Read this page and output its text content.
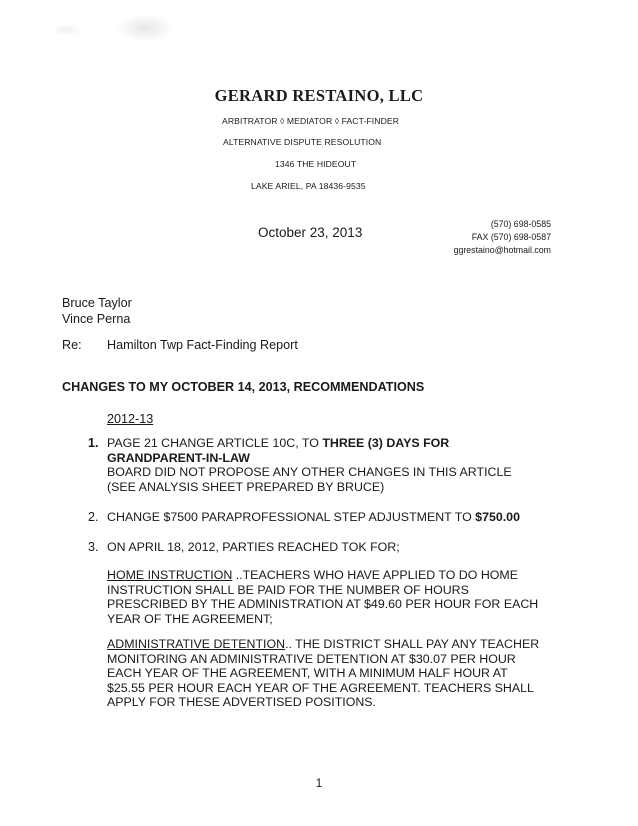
GERARD RESTAINO, LLC
ARBITRATOR ◊ MEDIATOR ◊ FACT-FINDER
ALTERNATIVE DISPUTE RESOLUTION
1346 THE HIDEOUT
LAKE ARIEL, PA 18436-9535
October 23, 2013
(570) 698-0585
FAX (570) 698-0587
ggrestaino@hotmail.com
Bruce Taylor
Vince Perna
Re: Hamilton Twp Fact-Finding Report
CHANGES TO MY OCTOBER 14, 2013, RECOMMENDATIONS
2012-13
1. PAGE 21 CHANGE ARTICLE 10C, TO THREE (3) DAYS FOR
GRANDPARENT-IN-LAW
BOARD DID NOT PROPOSE ANY OTHER CHANGES IN THIS ARTICLE
(SEE ANALYSIS SHEET PREPARED BY BRUCE)
2. CHANGE $7500 PARAPROFESSIONAL STEP ADJUSTMENT TO $750.00
3. ON APRIL 18, 2012, PARTIES REACHED TOK FOR;
HOME INSTRUCTION ..TEACHERS WHO HAVE APPLIED TO DO HOME
INSTRUCTION SHALL BE PAID FOR THE NUMBER OF HOURS
PRESCRIBED BY THE ADMINISTRATION AT $49.60 PER HOUR FOR EACH
YEAR OF THE AGREEMENT;
ADMINISTRATIVE DETENTION.. THE DISTRICT SHALL PAY ANY TEACHER
MONITORING AN ADMINISTRATIVE DETENTION AT $30.07 PER HOUR
EACH YEAR OF THE AGREEMENT, WITH A MINIMUM HALF HOUR AT
$25.55 PER HOUR EACH YEAR OF THE AGREEMENT. TEACHERS SHALL
APPLY FOR THESE ADVERTISED POSITIONS.
1
